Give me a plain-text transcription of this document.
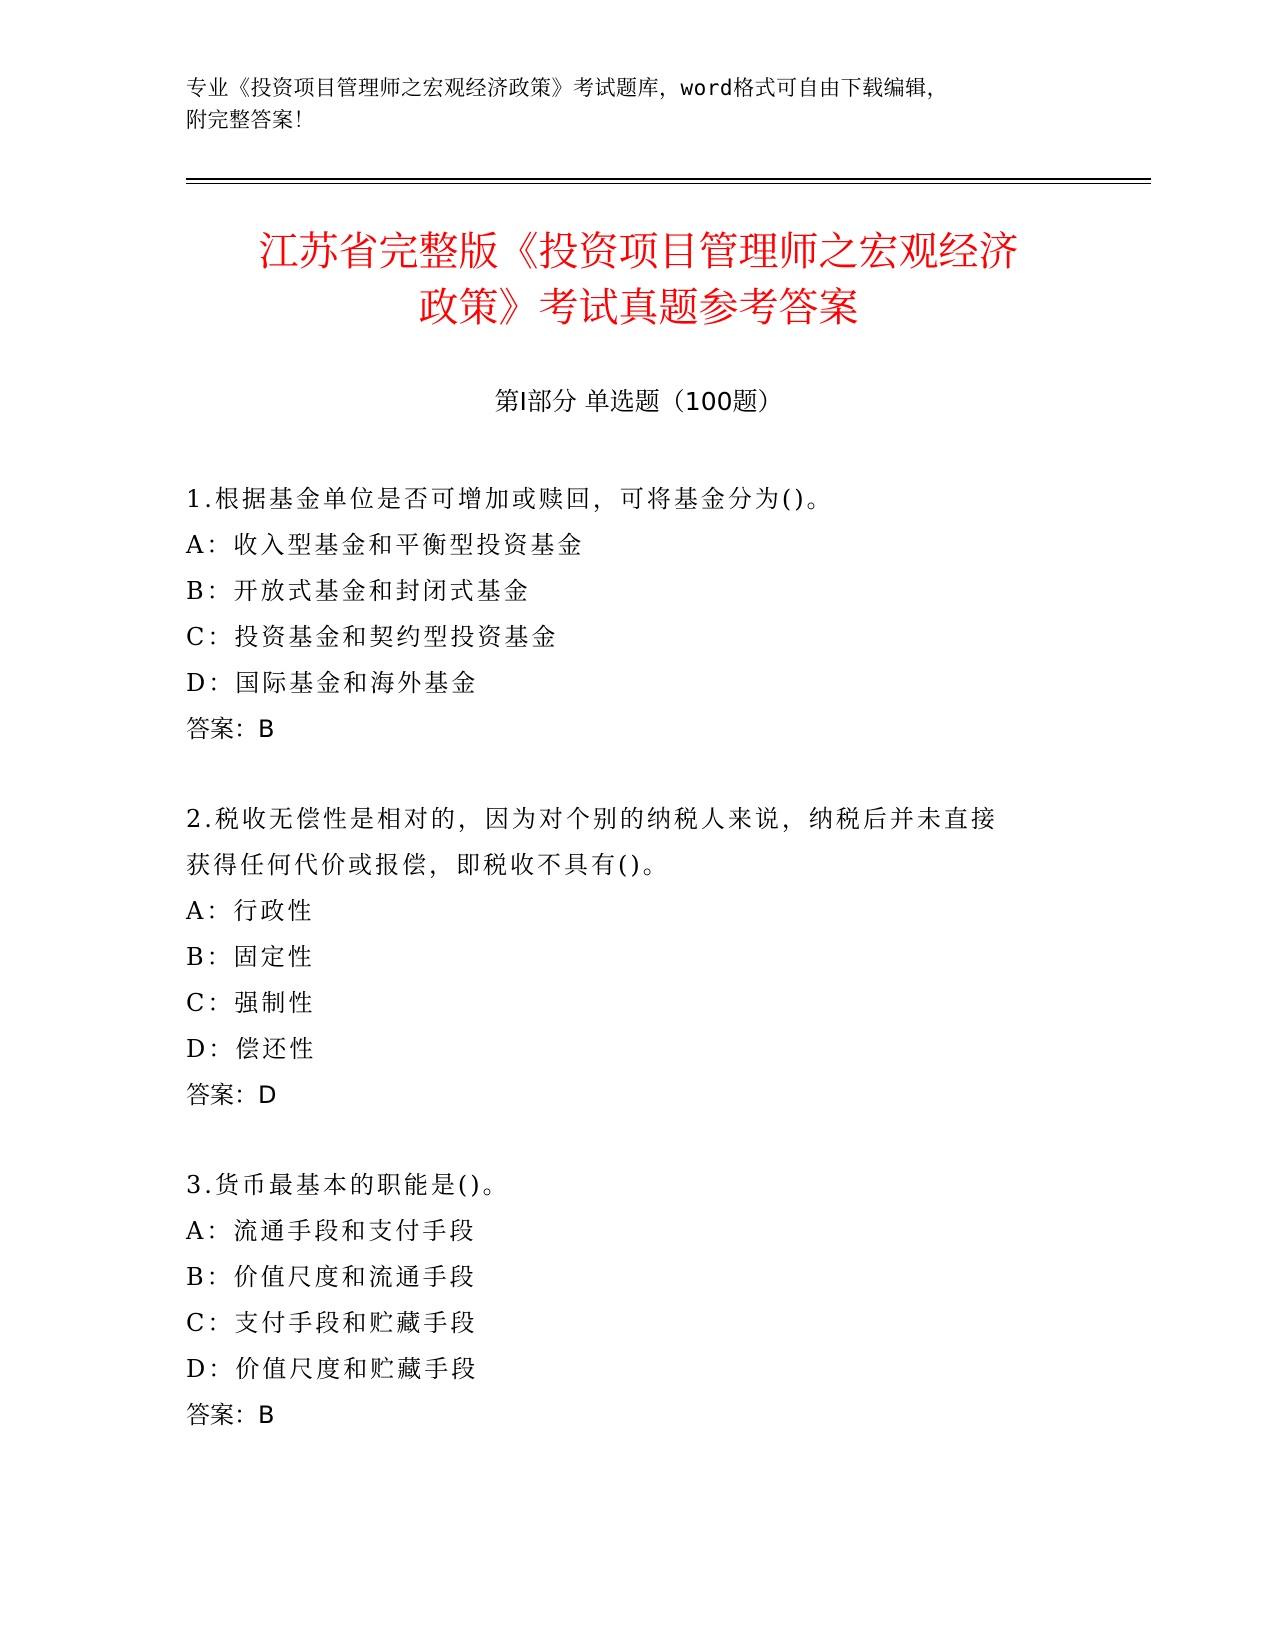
专业《投资项目管理师之宏观经济政策》考试题库，word格式可自由下载编辑，
附完整答案！
江苏省完整版《投资项目管理师之宏观经济
政策》考试真题参考答案
第Ⅰ部分 单选题（100题）

1.根据基金单位是否可增加或赎回，可将基金分为()。

A：收入型基金和平衡型投资基金

B：开放式基金和封闭式基金

C：投资基金和契约型投资基金

D：国际基金和海外基金

答案：B

2.税收无偿性是相对的，因为对个别的纳税人来说，纳税后并未直接
获得任何代价或报偿，即税收不具有()。

A：行政性

B：固定性

C：强制性

D：偿还性

答案：D

3.货币最基本的职能是()。

A：流通手段和支付手段

B：价值尺度和流通手段

C：支付手段和贮藏手段

D：价值尺度和贮藏手段

答案：B
